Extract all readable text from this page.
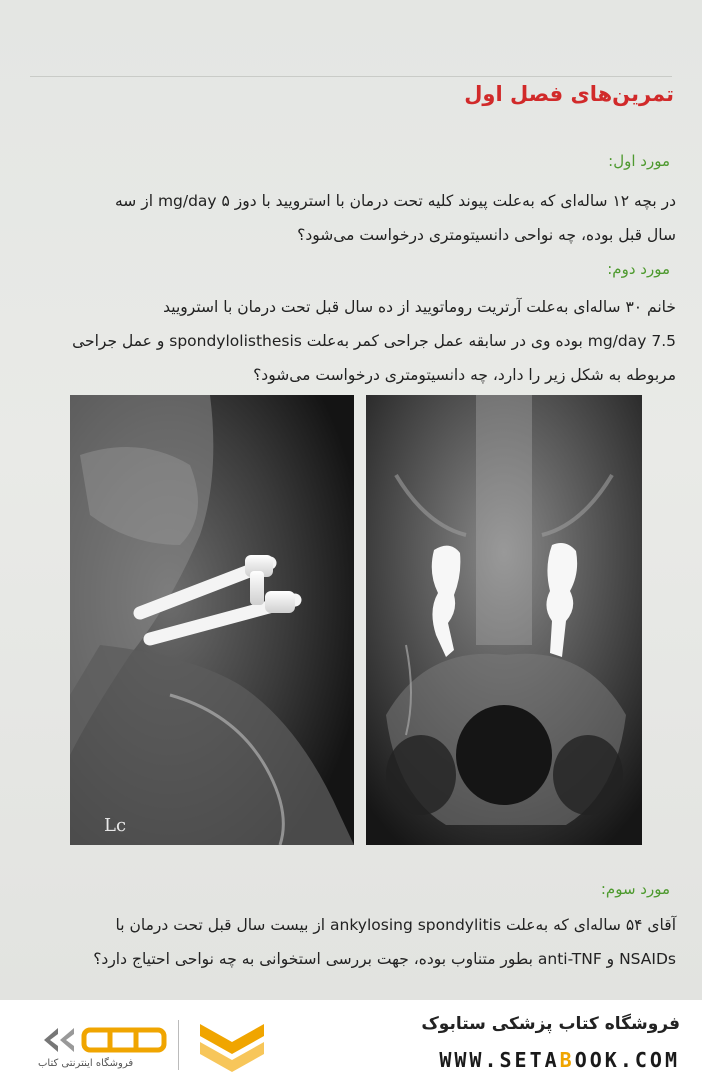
تمرین‌های فصل اول
مورد اول:

در بچه ۱۲ ساله‌ای که به‌علت پیوند کلیه تحت درمان با استرویید با دوز mg/day ۵ از سه
سال قبل بوده، چه نواحی دانسیتومتری درخواست می‌شود؟

مورد دوم:

خانم ۳۰ ساله‌ای به‌علت آرتریت روماتویید از ده سال قبل تحت درمان با استرویید
7.5 mg/day بوده وی در سابقه عمل جراحی کمر به‌علت spondylolisthesis و عمل جراحی
مربوطه به شکل زیر را دارد، چه دانسیتومتری درخواست می‌شود؟

Lc
مورد سوم:

آقای ۵۴ ساله‌ای که به‌علت ankylosing spondylitis از بیست سال قبل تحت درمان با
NSAIDs و anti-TNF بطور متناوب بوده، جهت بررسی استخوانی به چه نواحی احتیاج دارد؟

فروشگاه اینترنتی کتاب
فروشگاه کتاب پزشکی ستابوک
WWW.SETABOOK.COM
